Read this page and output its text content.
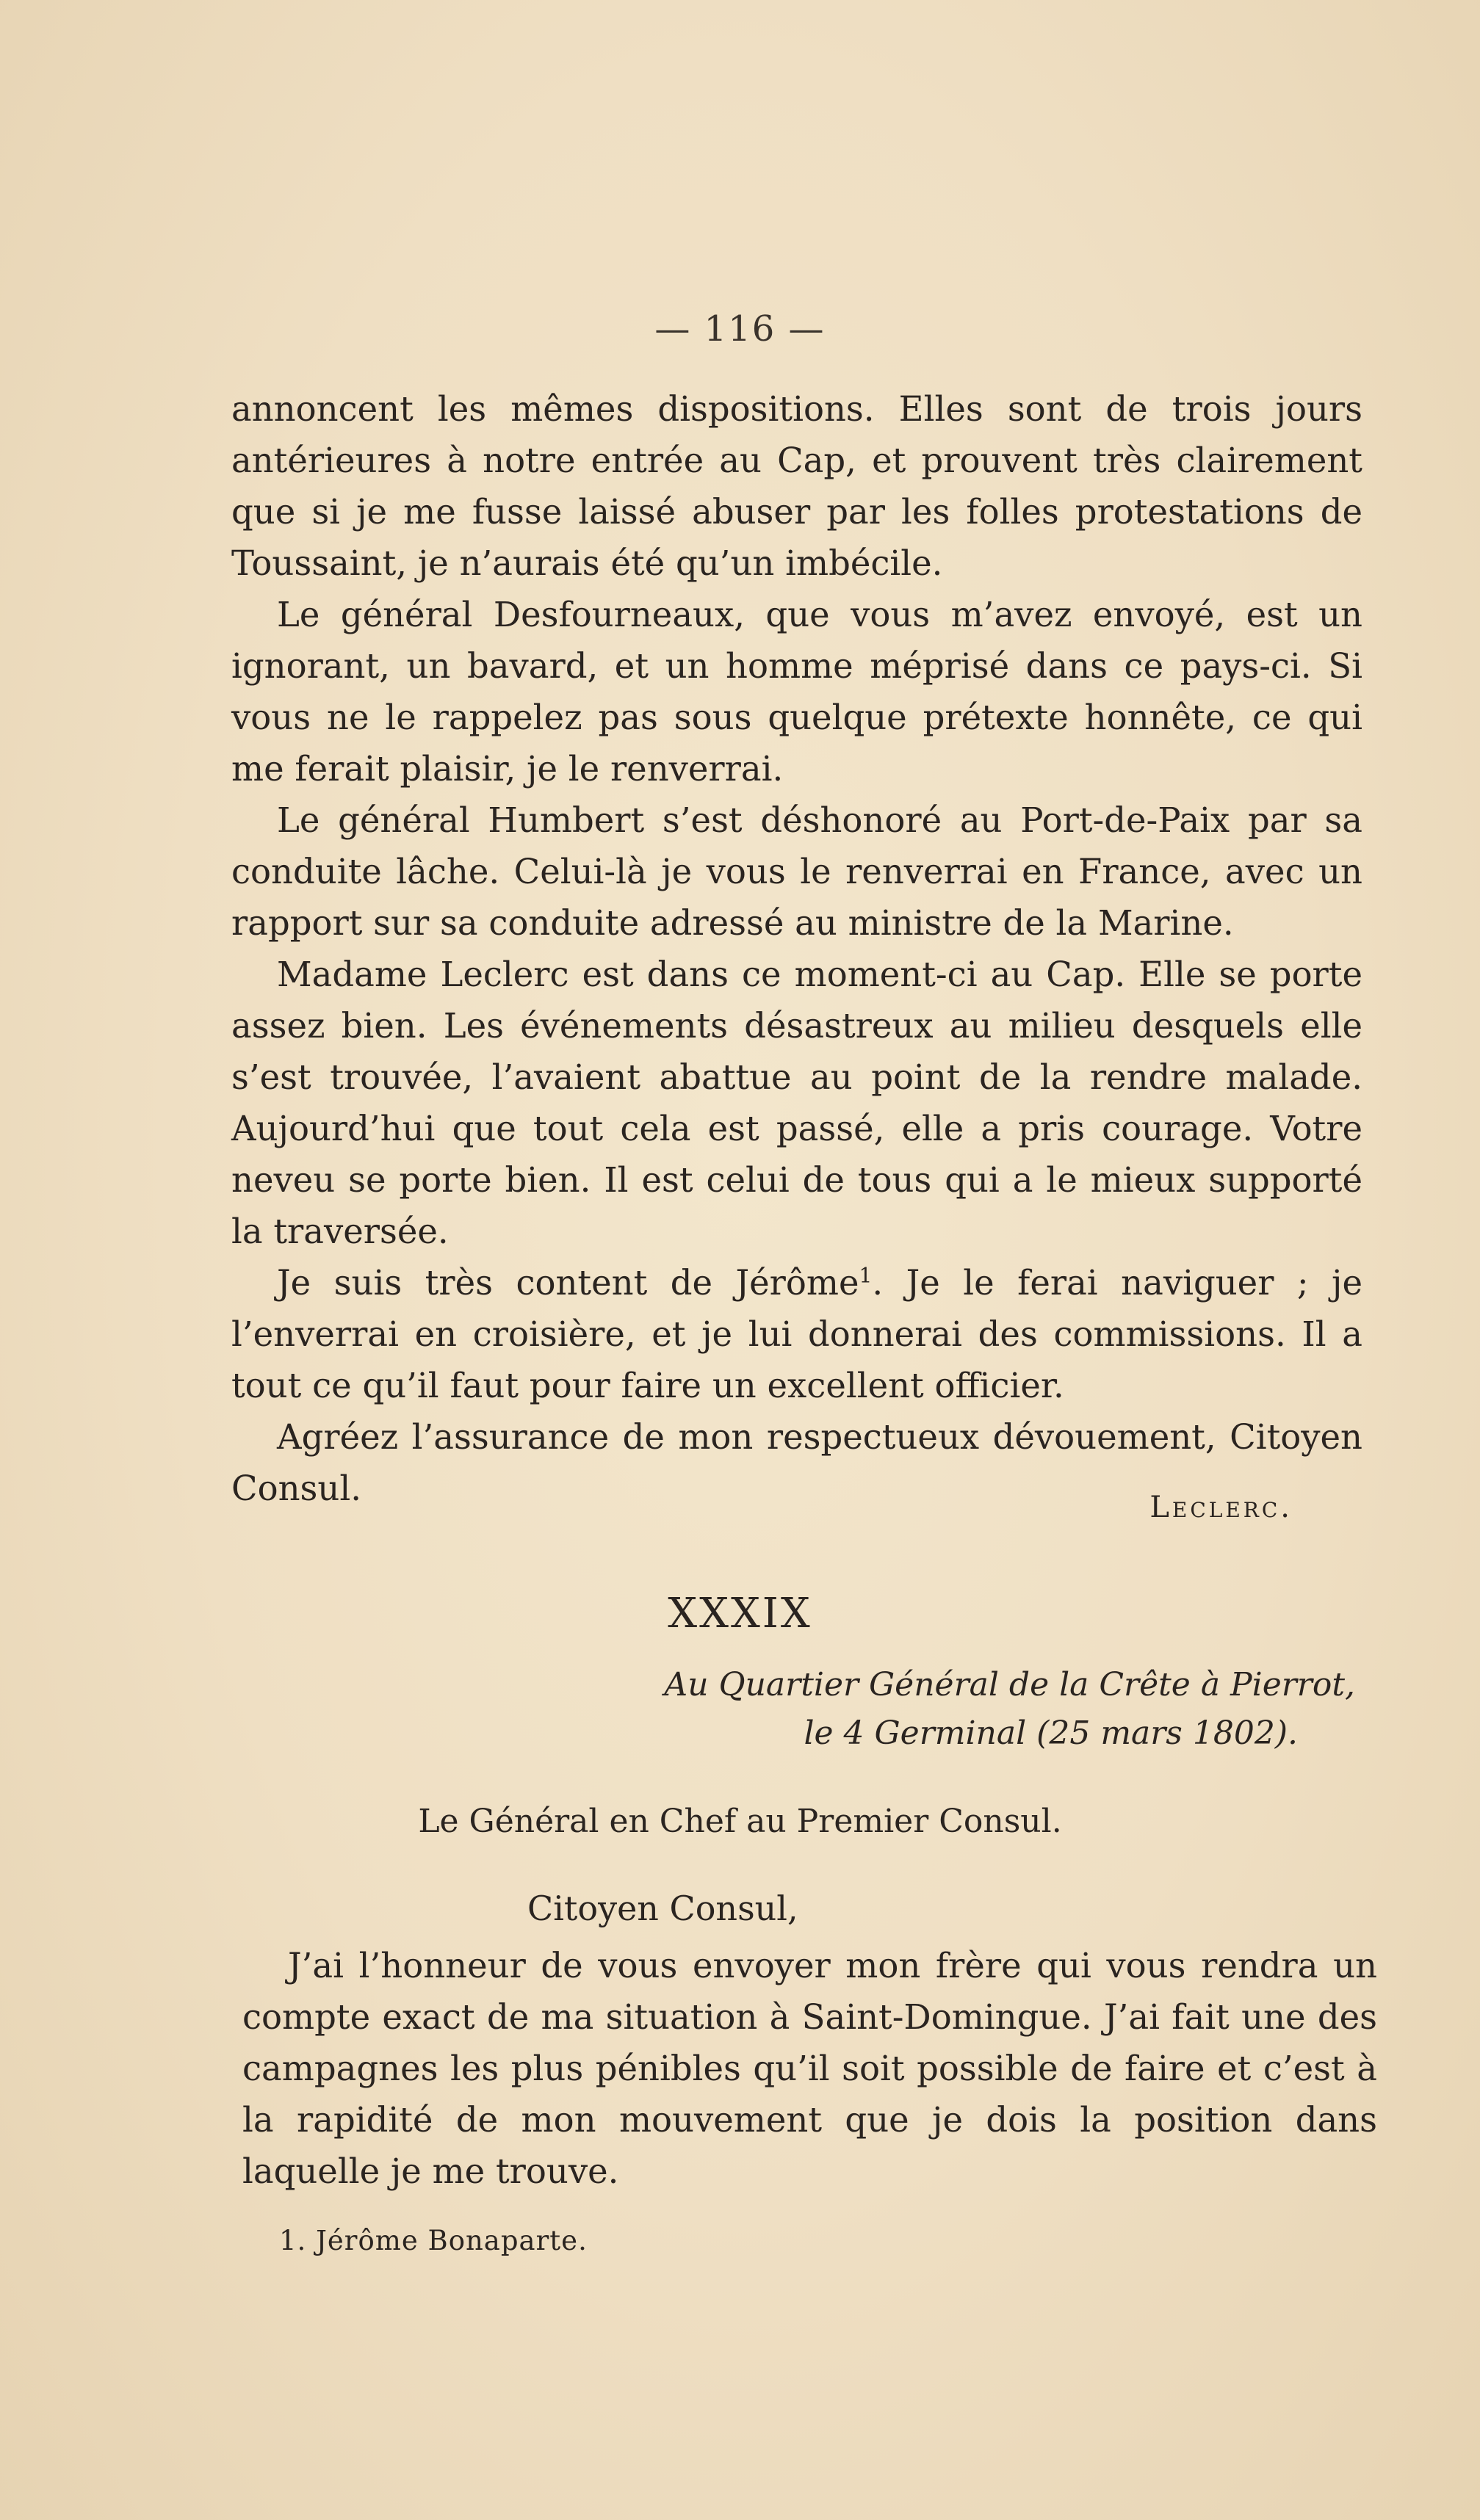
— 116 —

annoncent les mêmes dispositions. Elles sont de trois jours antérieures à notre entrée au Cap, et prouvent très clairement que si je me fusse laissé abuser par les folles protestations de Toussaint, je n’aurais été qu’un imbécile.

Le général Desfourneaux, que vous m’avez envoyé, est un ignorant, un bavard, et un homme méprisé dans ce pays-ci. Si vous ne le rappelez pas sous quelque prétexte honnête, ce qui me ferait plaisir, je le renverrai.

Le général Humbert s’est déshonoré au Port-de-Paix par sa conduite lâche. Celui-là je vous le renverrai en France, avec un rapport sur sa conduite adressé au ministre de la Marine.

Madame Leclerc est dans ce moment-ci au Cap. Elle se porte assez bien. Les événements désastreux au milieu desquels elle s’est trouvée, l’avaient abattue au point de la rendre malade. Aujourd’hui que tout cela est passé, elle a pris courage. Votre neveu se porte bien. Il est celui de tous qui a le mieux supporté la traversée.

Je suis très content de Jérôme$^1$. Je le ferai naviguer ; je l’enverrai en croisière, et je lui donnerai des commissions. Il a tout ce qu’il faut pour faire un excellent officier.

Agréez l’assurance de mon respectueux dévouement, Citoyen Consul.	Leclerc.
XXXIX
Au Quartier Général de la Crête à Pierrot,
le 4 Germinal (25 mars 1802).
Le Général en Chef au Premier Consul.
Citoyen Consul,

J’ai l’honneur de vous envoyer mon frère qui vous rendra un compte exact de ma situation à Saint-Domingue. J’ai fait une des campagnes les plus pénibles qu’il soit possible de faire et c’est à la rapidité de mon mouvement que je dois la position dans laquelle je me trouve.

1. Jérôme Bonaparte.
